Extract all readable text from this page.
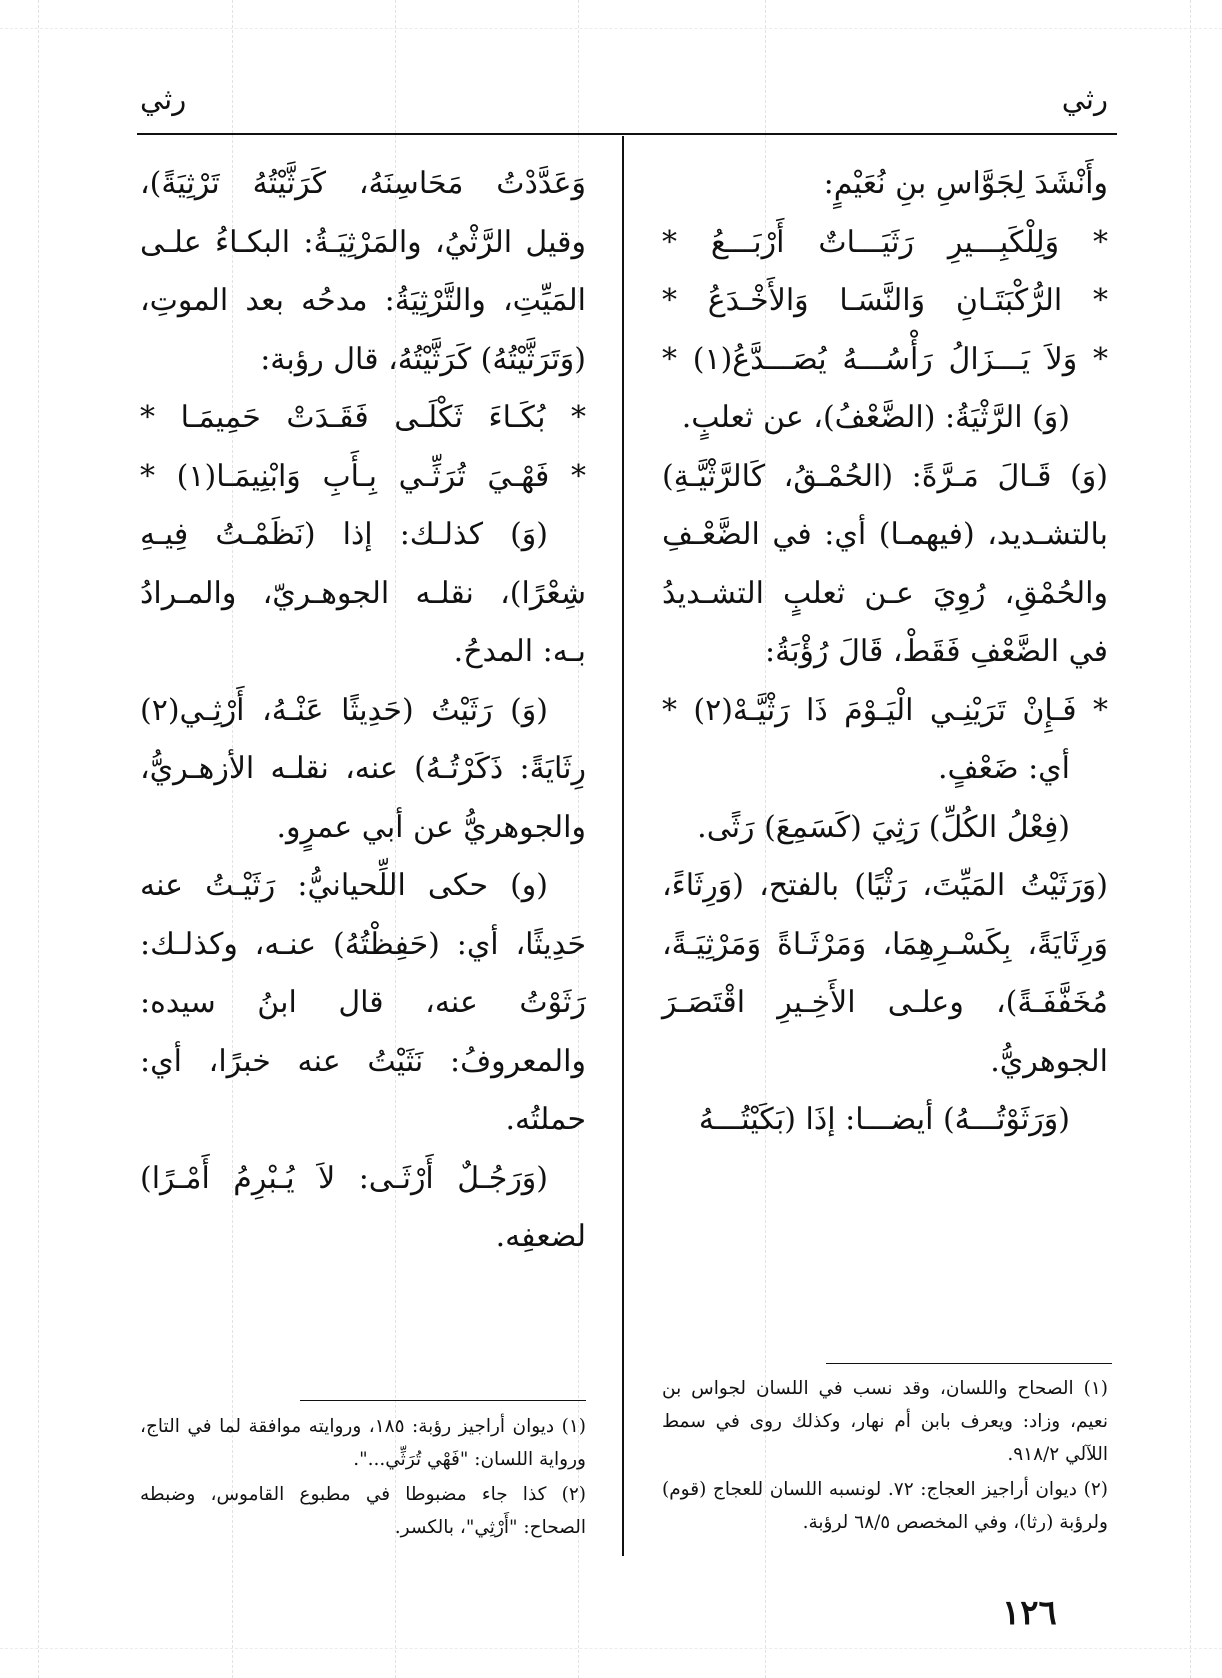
رثي
رثي

وأَنْشَدَ لِجَوَّاسِ بنِ نُعَيْمٍ:

* وَلِلْكَبِـــيرِ رَثَيَـــاتٌ أَرْبَـــعُ *

* الرُّكْبَتَـانِ وَالنَّسَـا وَالأَخْـدَعُ *

* وَلاَ يَـــزَالُ رَأْسُـــهُ يُصَـــدَّعُ(١) *

(وَ) الرَّثْيَةُ: (الضَّعْفُ)، عن ثعلبٍ.

(وَ) قَـالَ مَـرَّةً: (الحُمْـقُ، كَالرَّثْيَّـةِ) بالتشـديد، (فيهمـا) أي: في الضَّعْـفِ والحُمْقِ، رُوِيَ عـن ثعلبٍ التشـديدُ في الضَّعْفِ فَقَطْ، قَالَ رُؤْبَةُ:

* فَـإِنْ تَرَيْنِـي الْيَـوْمَ ذَا رَثْيَّـهْ(٢) *

أي: ضَعْفٍ.

(فِعْلُ الكُلِّ) رَثِيَ (كَسَمِعَ) رَثًى.

(وَرَثَيْتُ المَيِّتَ، رَثْيًا) بالفتح، (وَرِثَاءً، وَرِثَايَةً، بِكَسْـرِهِمَا، وَمَرْثَـاةً وَمَرْثِيَـةً، مُخَفَّفَـةً)، وعلـى الأَخِـيرِ اقْتَصَـرَ الجوهريُّ.

(وَرَثَوْتُـــهُ) أيضـــا: إذَا (بَكَيْتُـــهُ

(١) الصحاح واللسان، وقد نسب في اللسان لجواس بن نعيم، وزاد: ويعرف بابن أم نهار، وكذلك روى في سمط اللآلي ٩١٨/٢.

(٢) ديوان أراجيز العجاج: ٧٢. لونسبه اللسان للعجاج (قوم) ولرؤبة (رثا)، وفي المخصص ٦٨/٥ لرؤبة.

وَعَدَّدْتُ مَحَاسِنَهُ، كَرَثَّيْتُهُ تَرْثِيَةً)، وقيل الرَّثْيُ، والمَرْثِيَـةُ: البكـاءُ علـى المَيِّتِ، والتَّرْثِيَةُ: مدحُه بعد الموتِ، (وَتَرَثَّيْتُهُ) كَرَثَّيْتُهُ، قال رؤبة:

* بُكَـاءَ ثَكْلَـى فَقَـدَتْ حَمِيمَـا *

* فَهْـيَ تُرَثِّـي بِـأَبِ وَابْنِيمَـا(١) *

(وَ) كذلـك: إذا (نَظَمْـتُ فِيـهِ شِعْرًا)، نقلـه الجوهـريّ، والمـرادُ بـه: المدحُ.

(وَ) رَثَيْتُ (حَدِيثًا عَنْـهُ، أَرْثِـي(٢) رِثَايَةً: ذَكَرْتُـهُ) عنه، نقلـه الأزهـريُّ، والجوهريُّ عن أبي عمرٍو.

(و) حكى اللِّحيانيُّ: رَثَيْـتُ عنه حَدِيثًا، أي: (حَفِظْتُهُ) عنـه، وكذلـك: رَثَوْتُ عنه، قال ابنُ سيده: والمعروفُ: نَثَيْتُ عنه خبرًا، أي: حملتُه.

(وَرَجُـلٌ أَرْثَـى: لاَ يُـبْرِمُ أَمْـرًا) لضعفِه.

(١) ديوان أراجيز رؤبة: ١٨٥، وروايته موافقة لما في التاج، ورواية اللسان: "فَهْي تُرَثِّي...".

(٢) كذا جاء مضبوطا في مطبوع القاموس، وضبطه الصحاح: "أَرْثِي"، بالكسر.

١٢٦
